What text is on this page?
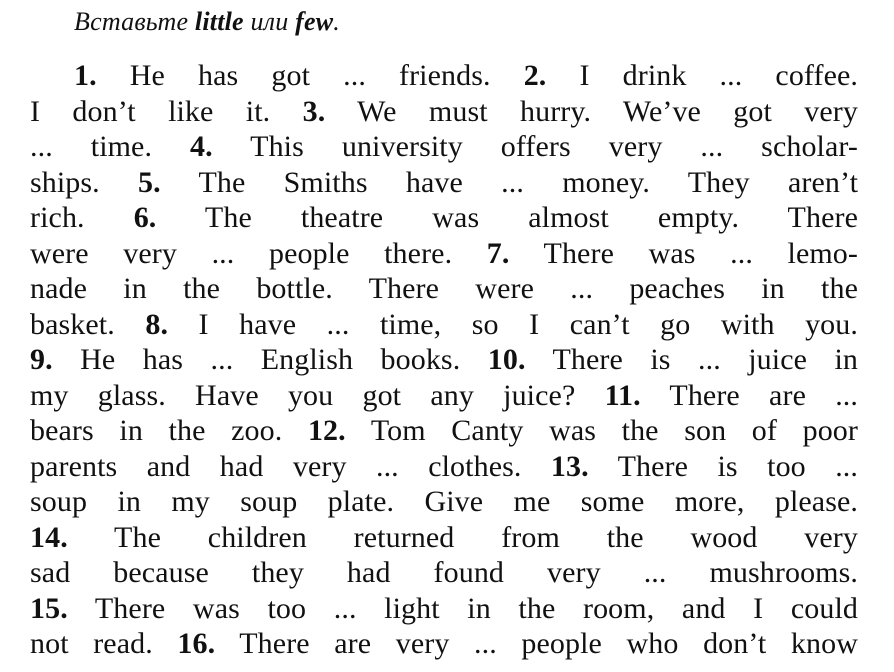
Вставьте little или few.
1. He has got ... friends. 2. I drink ... coffee.
I don’t like it. 3. We must hurry. We’ve got very
... time. 4. This university offers very ... scholar-
ships. 5. The Smiths have ... money. They aren’t
rich. 6. The theatre was almost empty. There
were very ... people there. 7. There was ... lemo-
nade in the bottle. There were ... peaches in the
basket. 8. I have ... time, so I can’t go with you.
9. He has ... English books. 10. There is ... juice in
my glass. Have you got any juice? 11. There are ...
bears in the zoo. 12. Tom Canty was the son of poor
parents and had very ... clothes. 13. There is too ...
soup in my soup plate. Give me some more, please.
14. The children returned from the wood very
sad because they had found very ... mushrooms.
15. There was too ... light in the room, and I could
not read. 16. There are very ... people who don’t know
